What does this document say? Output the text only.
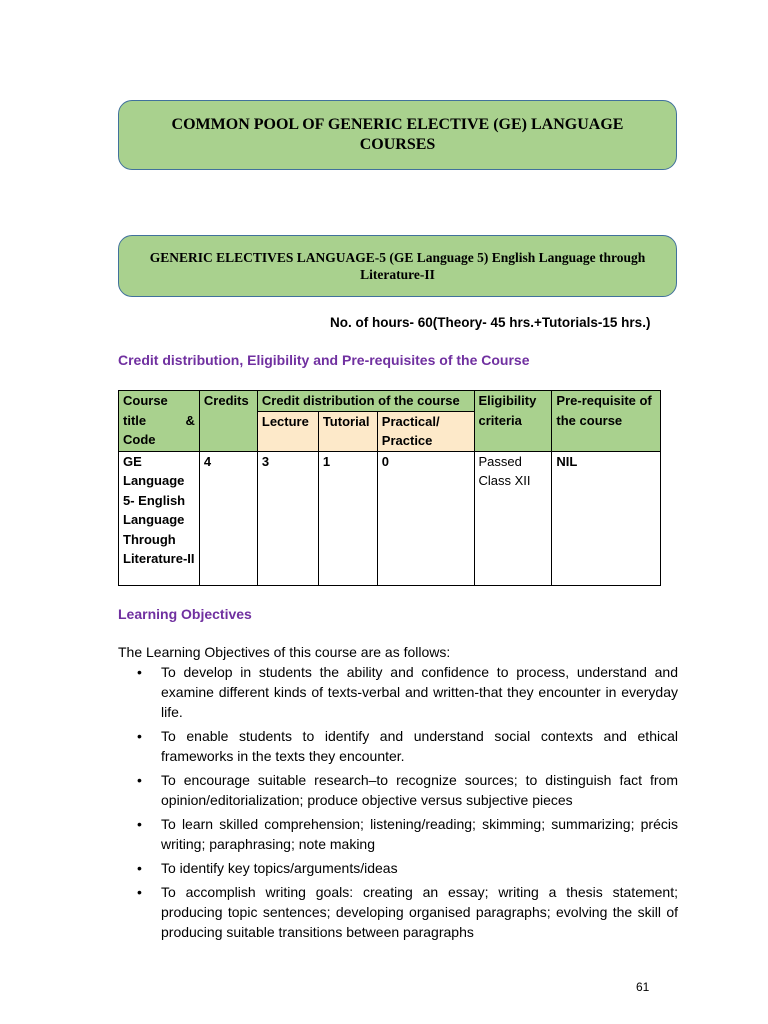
COMMON POOL OF GENERIC ELECTIVE (GE) LANGUAGE COURSES
GENERIC ELECTIVES LANGUAGE-5 (GE Language 5) English Language through Literature-II
No. of hours- 60(Theory- 45 hrs.+Tutorials-15 hrs.)
Credit distribution, Eligibility and Pre-requisites of the Course
Course
title &
Code	Credits	Credit distribution of the course			Eligibility criteria	Pre-requisite of the course
		Lecture	Tutorial	Practical/ Practice		
GE Language 5- English Language Through Literature-II	4	3	1	0	Passed Class XII	NIL
Learning Objectives
The Learning Objectives of this course are as follows:
• To develop in students the ability and confidence to process, understand and examine different kinds of texts-verbal and written-that they encounter in everyday life.
• To enable students to identify and understand social contexts and ethical frameworks in the texts they encounter.
• To encourage suitable research–to recognize sources; to distinguish fact from opinion/editorialization; produce objective versus subjective pieces
• To learn skilled comprehension; listening/reading; skimming; summarizing; précis writing; paraphrasing; note making
• To identify key topics/arguments/ideas
• To accomplish writing goals: creating an essay; writing a thesis statement; producing topic sentences; developing organised paragraphs; evolving the skill of producing suitable transitions between paragraphs
61
